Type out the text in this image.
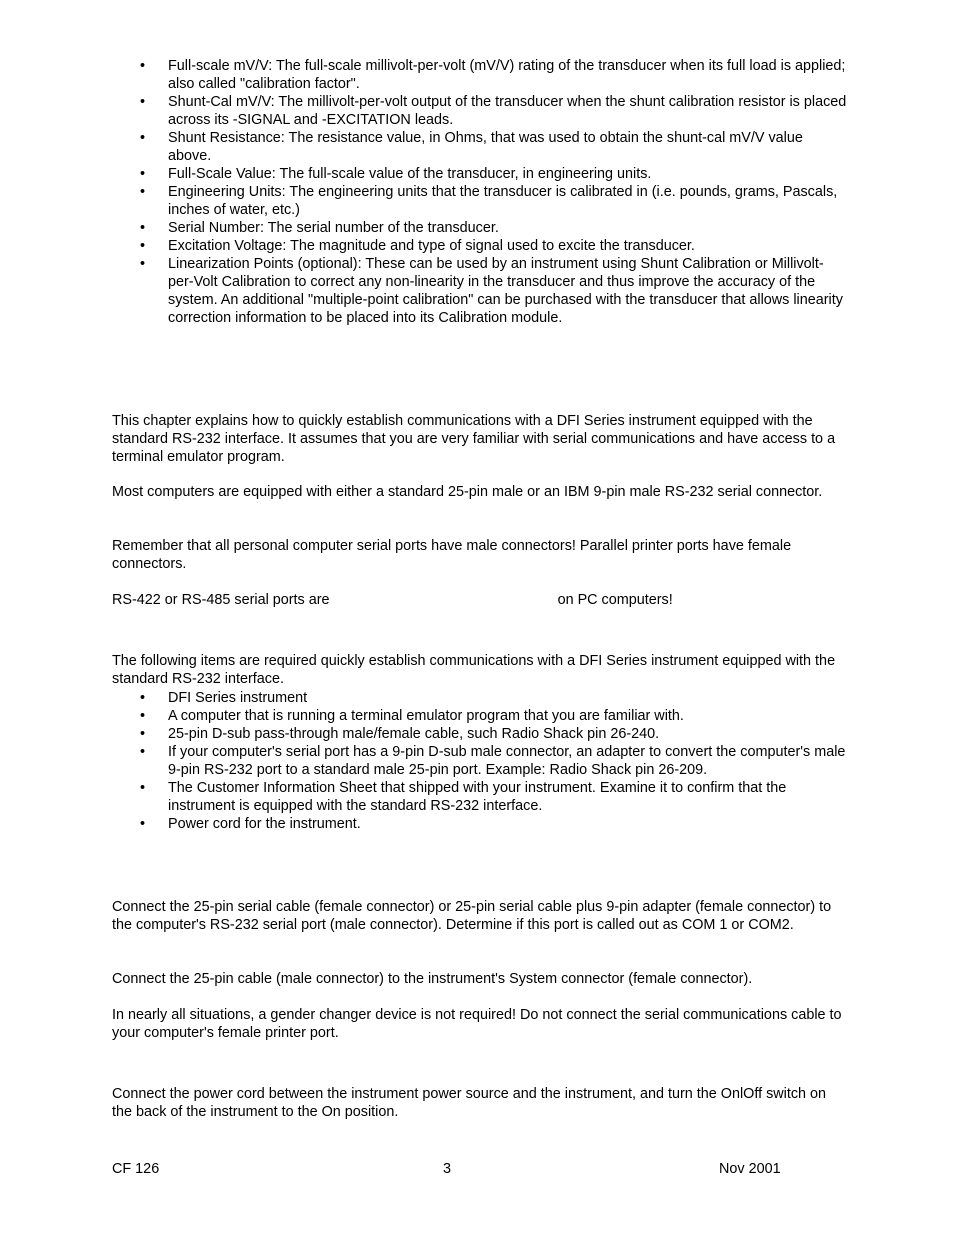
• Full-scale mV/V: The full-scale millivolt-per-volt (mV/V) rating of the transducer when its full load is applied; also called "calibration factor".
• Shunt-Cal mV/V: The millivolt-per-volt output of the transducer when the shunt calibration resistor is placed across its -SIGNAL and -EXCITATION leads.
• Shunt Resistance: The resistance value, in Ohms, that was used to obtain the shunt-cal mV/V value above.
• Full-Scale Value: The full-scale value of the transducer, in engineering units.
• Engineering Units: The engineering units that the transducer is calibrated in (i.e. pounds, grams, Pascals, inches of water, etc.)
• Serial Number: The serial number of the transducer.
• Excitation Voltage: The magnitude and type of signal used to excite the transducer.
• Linearization Points (optional): These can be used by an instrument using Shunt Calibration or Millivolt-per-Volt Calibration to correct any non-linearity in the transducer and thus improve the accuracy of the system. An additional "multiple-point calibration" can be purchased with the transducer that allows linearity correction information to be placed into its Calibration module.

This chapter explains how to quickly establish communications with a DFI Series instrument equipped with the standard RS-232 interface. It assumes that you are very familiar with serial communications and have access to a terminal emulator program.

Most computers are equipped with either a standard 25-pin male or an IBM 9-pin male RS-232 serial connector.

Remember that all personal computer serial ports have male connectors! Parallel printer ports have female connectors.

RS-422 or RS-485 serial ports are	on PC computers!

The following items are required quickly establish communications with a DFI Series instrument equipped with the standard RS-232 interface.

• DFI Series instrument
• A computer that is running a terminal emulator program that you are familiar with.
• 25-pin D-sub pass-through male/female cable, such Radio Shack pin 26-240.
• If your computer's serial port has a 9-pin D-sub male connector, an adapter to convert the computer's male 9-pin RS-232 port to a standard male 25-pin port. Example: Radio Shack pin 26-209.
• The Customer Information Sheet that shipped with your instrument. Examine it to confirm that the instrument is equipped with the standard RS-232 interface.
• Power cord for the instrument.

Connect the 25-pin serial cable (female connector) or 25-pin serial cable plus 9-pin adapter (female connector) to the computer's RS-232 serial port (male connector). Determine if this port is called out as COM 1 or COM2.

Connect the 25-pin cable (male connector) to the instrument's System connector (female connector).

In nearly all situations, a gender changer device is not required! Do not connect the serial communications cable to your computer's female printer port.

Connect the power cord between the instrument power source and the instrument, and turn the OnlOff switch on the back of the instrument to the On position.

CF 126	3	Nov 2001
